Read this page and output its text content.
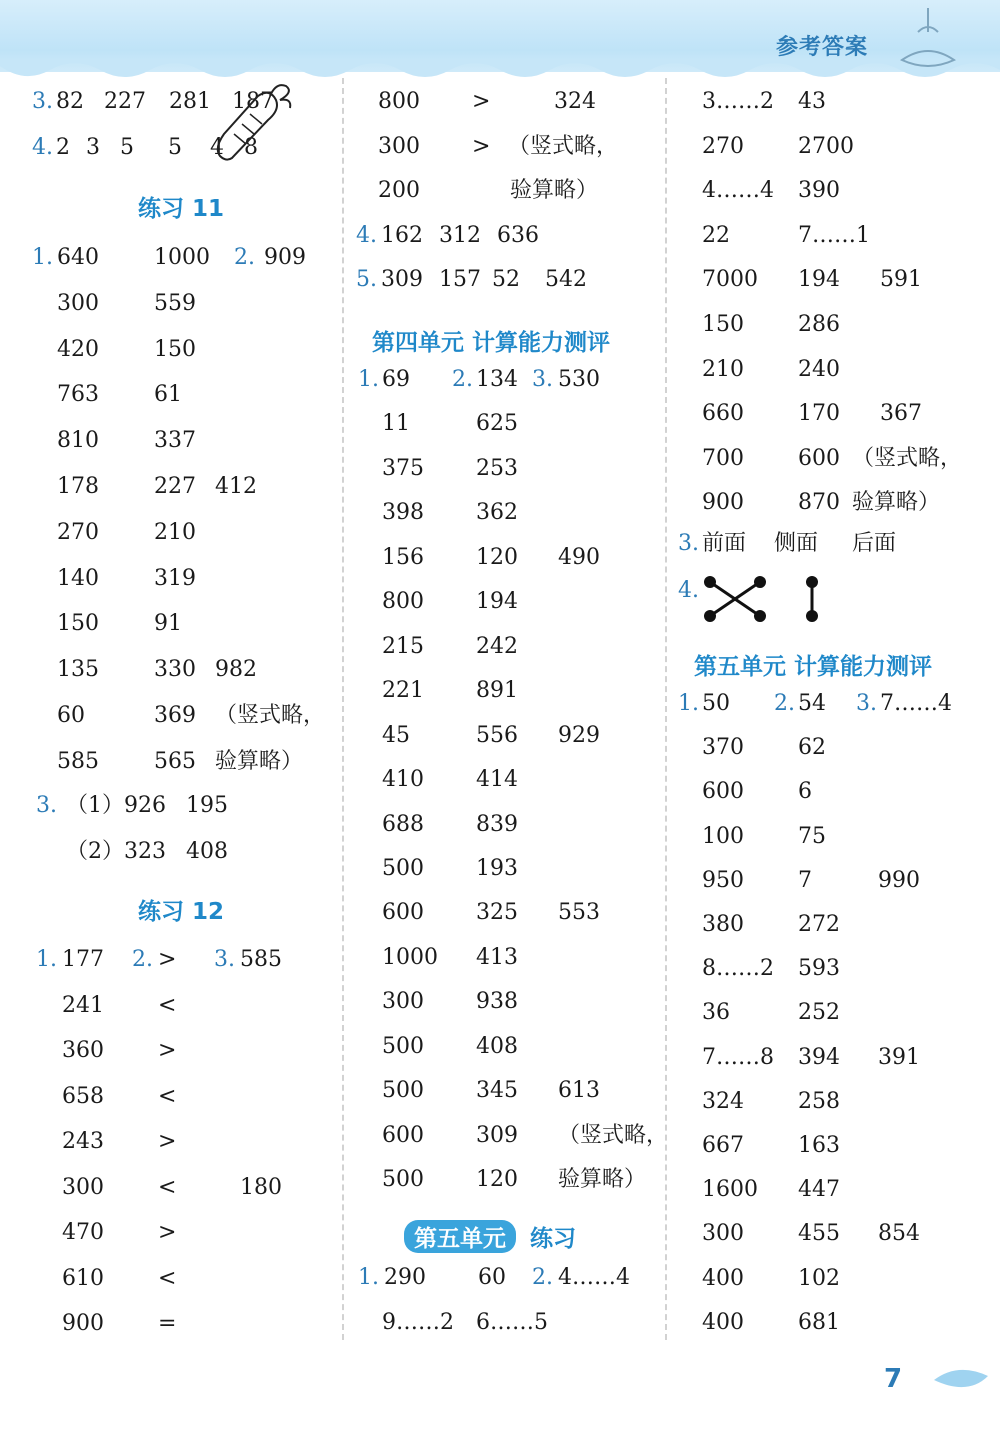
参考答案
3. 82 227 281 187
4. 2 3 5 5 4 8
练习 11
1. 640	1000 2. 909
300	559
420	150
763	61
810	337
178	227 412
270	210
140	319
150	91
135	330 982
60	369 （竖式略，
585	565 验算略）
3. （1）926 195
（2）323 408
练习 12
1. 177 2. > 3. 585
241 <
360 >
658 <
243 >
300 <	180
470 >
610 <
900 =
800 >	324
300 > （竖式略，
200	验算略）
4. 162 312 636
5. 309 157 52 542
第四单元 计算能力测评
1. 69 2. 134 3. 530
11	625
375 253
398 362
156 120 490
800 194
215 242
221 891
45	556 929
410 414
688 839
500 193
600 325 553
1000 413
300 938
500 408
500 345 613
600 309 （竖式略，
500 120 验算略）
第五单元 练习
1. 290 60 2. 4……4
9……2 6……5
3……2 43
270 2700
4……4 390
22	7……1
7000 194 591
150 286
210 240
660 170 367
700 600 （竖式略，
900 870 验算略）
3. 前面 侧面 后面
4.
第五单元 计算能力测评
1. 50 2. 54 3. 7……4
370 62
600 6
100 75
950 7	990
380 272
8……2 593
36	252
7……8 394 391
324 258
667 163
1600 447
300 455 854
400 102
400 681
7
